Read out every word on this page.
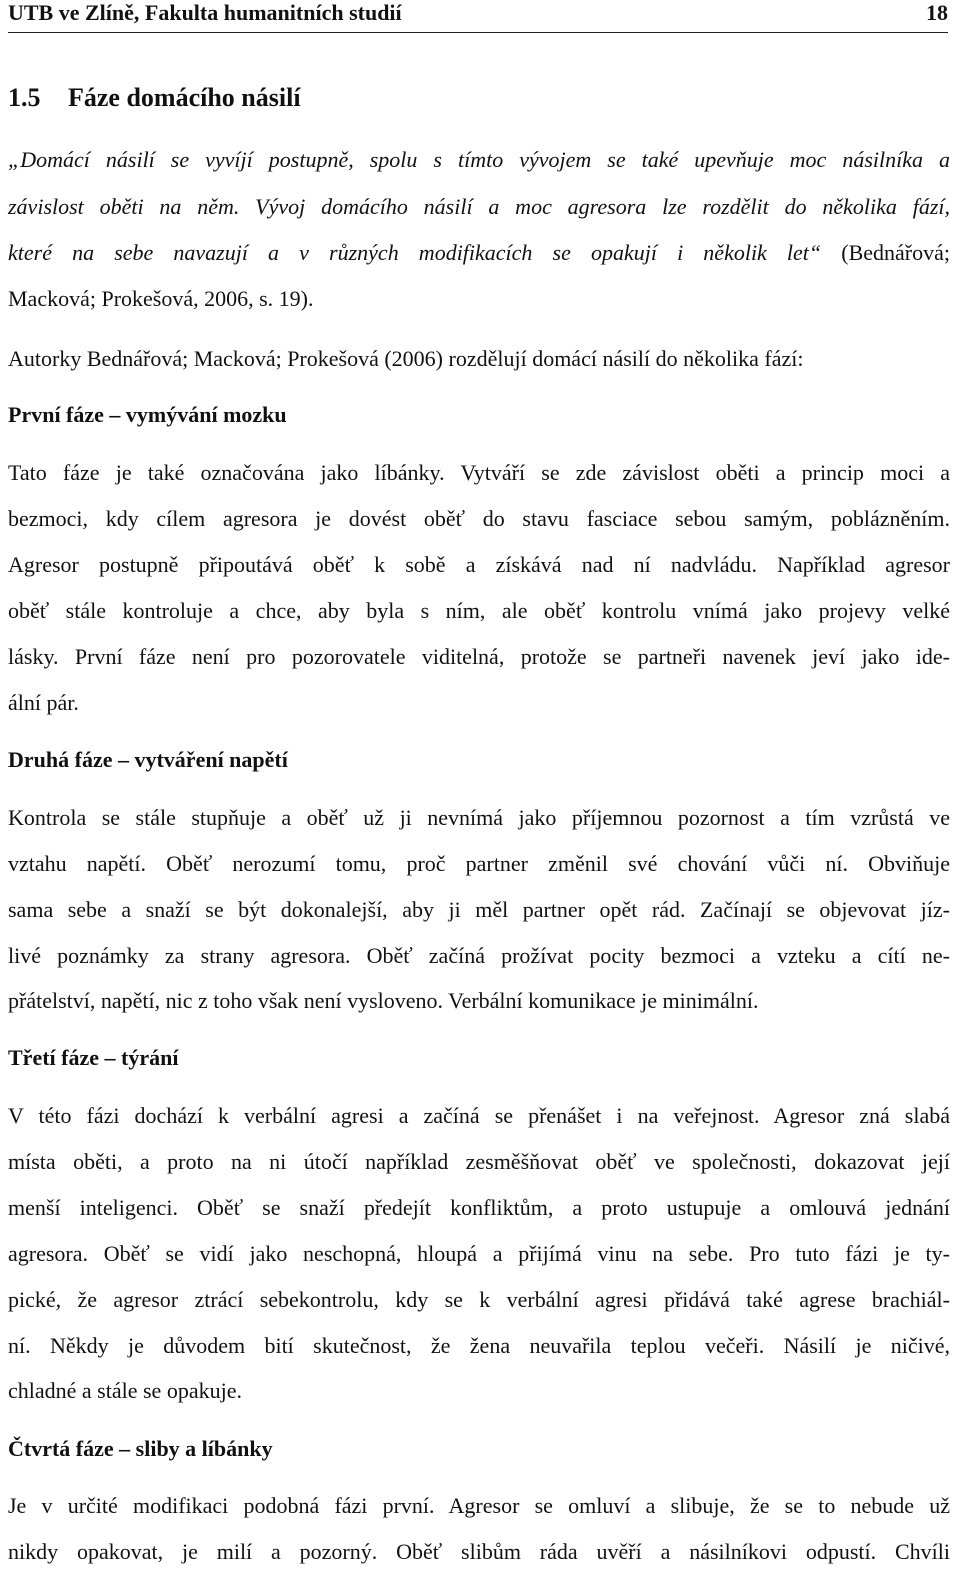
UTB ve Zlíně, Fakulta humanitních studií	18
1.5 Fáze domácího násilí
„Domácí násilí se vyvíjí postupně, spolu s tímto vývojem se také upevňuje moc násilníka a
závislost oběti na něm. Vývoj domácího násilí a moc agresora lze rozdělit do několika fází,
které na sebe navazují a v různých modifikacích se opakují i několik let“ (Bednářová;
Macková; Prokešová, 2006, s. 19).
Autorky Bednářová; Macková; Prokešová (2006) rozdělují domácí násilí do několika fází:
První fáze – vymývání mozku
Tato fáze je také označována jako líbánky. Vytváří se zde závislost oběti a princip moci a
bezmoci, kdy cílem agresora je dovést oběť do stavu fasciace sebou samým, poblázněním.
Agresor postupně připoutává oběť k sobě a získává nad ní nadvládu. Například agresor
oběť stále kontroluje a chce, aby byla s ním, ale oběť kontrolu vnímá jako projevy velké
lásky. První fáze není pro pozorovatele viditelná, protože se partneři navenek jeví jako ide-
ální pár.
Druhá fáze – vytváření napětí
Kontrola se stále stupňuje a oběť už ji nevnímá jako příjemnou pozornost a tím vzrůstá ve
vztahu napětí. Oběť nerozumí tomu, proč partner změnil své chování vůči ní. Obviňuje
sama sebe a snaží se být dokonalejší, aby ji měl partner opět rád. Začínají se objevovat jíz-
livé poznámky za strany agresora. Oběť začíná prožívat pocity bezmoci a vzteku a cítí ne-
přátelství, napětí, nic z toho však není vysloveno. Verbální komunikace je minimální.
Třetí fáze – týrání
V této fázi dochází k verbální agresi a začíná se přenášet i na veřejnost. Agresor zná slabá
místa oběti, a proto na ni útočí například zesměšňovat oběť ve společnosti, dokazovat její
menší inteligenci. Oběť se snaží předejít konfliktům, a proto ustupuje a omlouvá jednání
agresora. Oběť se vidí jako neschopná, hloupá a přijímá vinu na sebe. Pro tuto fázi je ty-
pické, že agresor ztrácí sebekontrolu, kdy se k verbální agresi přidává také agrese brachiál-
ní. Někdy je důvodem bití skutečnost, že žena neuvařila teplou večeři. Násilí je ničivé,
chladné a stále se opakuje.
Čtvrtá fáze – sliby a líbánky
Je v určité modifikaci podobná fázi první. Agresor se omluví a slibuje, že se to nebude už
nikdy opakovat, je milí a pozorný. Oběť slibům ráda uvěří a násilníkovi odpustí. Chvíli
